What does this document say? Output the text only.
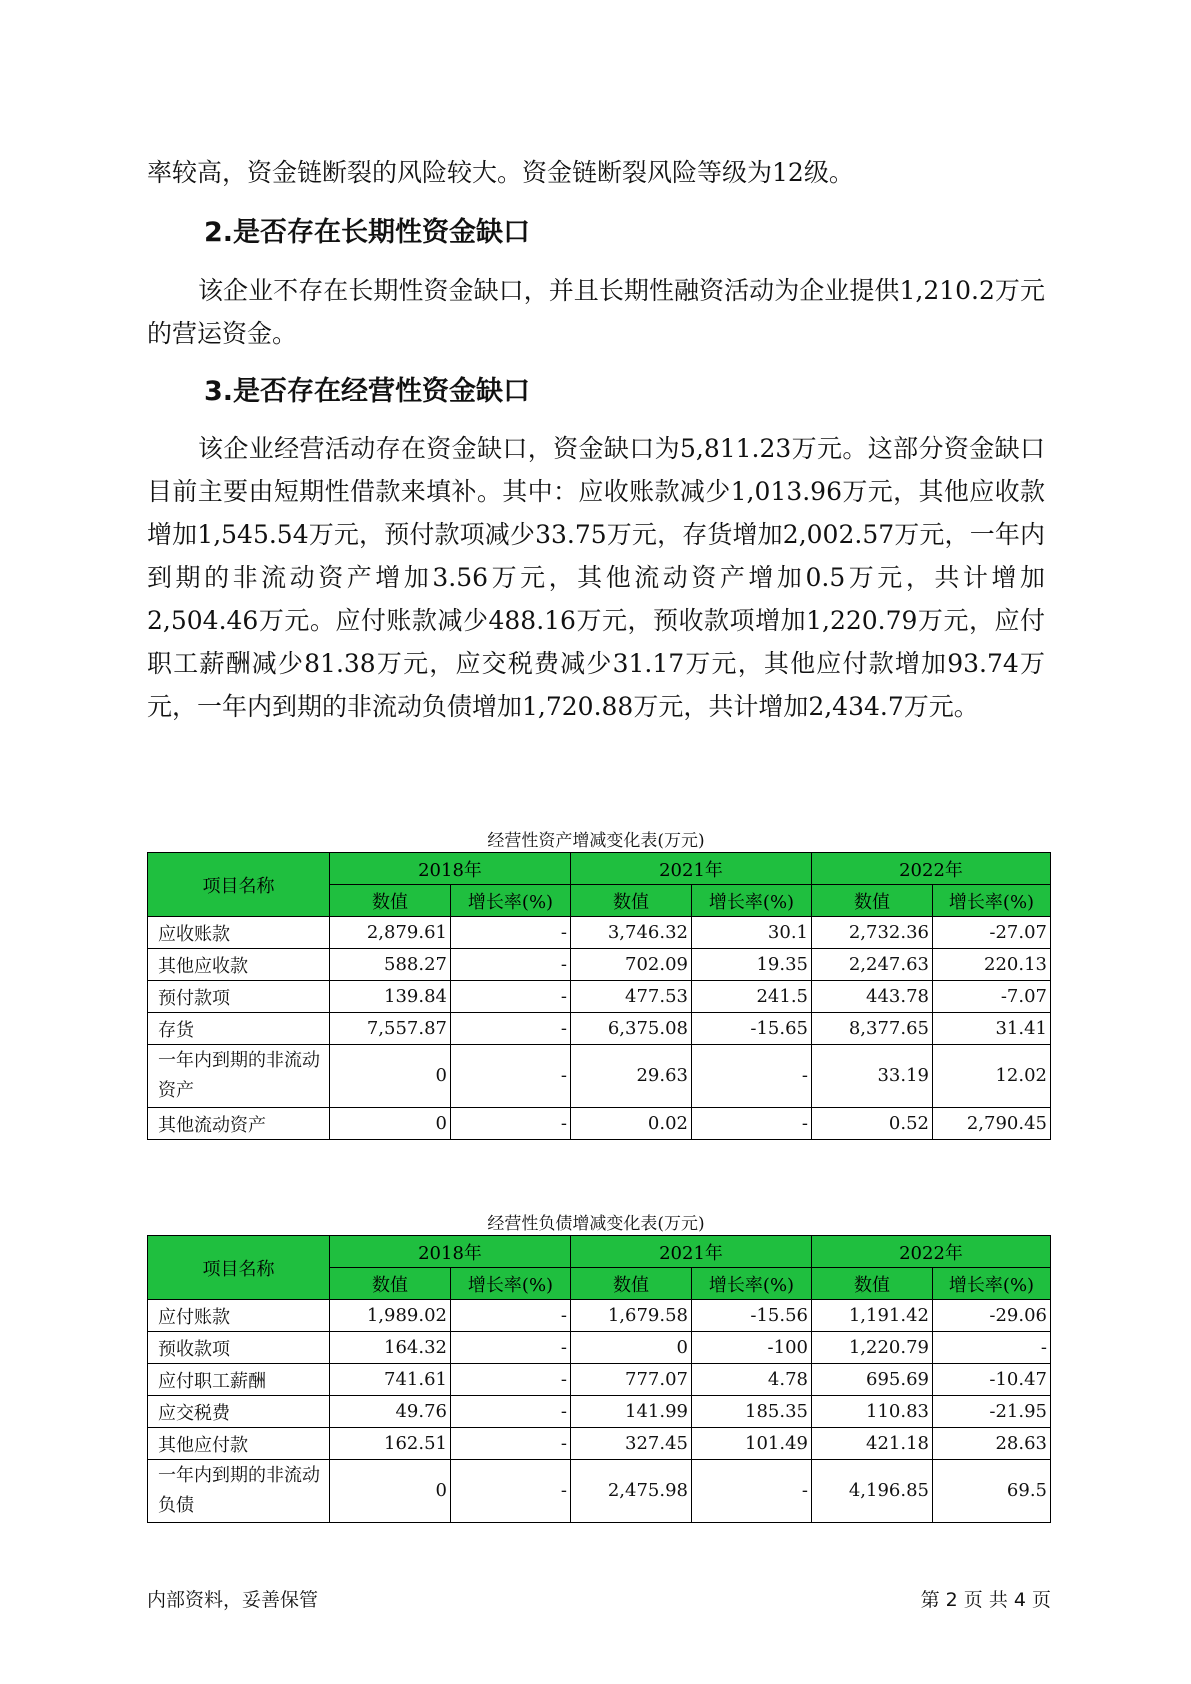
率较高，资金链断裂的风险较大。资金链断裂风险等级为12级。

2.是否存在长期性资金缺口

该企业不存在长期性资金缺口，并且长期性融资活动为企业提供1,210.2万元的营运资金。

3.是否存在经营性资金缺口

该企业经营活动存在资金缺口，资金缺口为5,811.23万元。这部分资金缺口目前主要由短期性借款来填补。其中：应收账款减少1,013.96万元，其他应收款增加1,545.54万元，预付款项减少33.75万元，存货增加2,002.57万元，一年内到期的非流动资产增加3.56万元，其他流动资产增加0.5万元，共计增加2,504.46万元。应付账款减少488.16万元，预收款项增加1,220.79万元，应付职工薪酬减少81.38万元，应交税费减少31.17万元，其他应付款增加93.74万元，一年内到期的非流动负债增加1,720.88万元，共计增加2,434.7万元。

经营性资产增减变化表(万元)
项目名称	2018年		2021年		2022年	
	数值	增长率(%)	数值	增长率(%)	数值	增长率(%)
应收账款	2,879.61	-	3,746.32	30.1	2,732.36	-27.07
其他应收款	588.27	-	702.09	19.35	2,247.63	220.13
预付款项	139.84	-	477.53	241.5	443.78	-7.07
存货	7,557.87	-	6,375.08	-15.65	8,377.65	31.41
一年内到期的非流动资产	0	-	29.63	-	33.19	12.02
其他流动资产	0	-	0.02	-	0.52	2,790.45
经营性负债增减变化表(万元)
项目名称	2018年		2021年		2022年	
	数值	增长率(%)	数值	增长率(%)	数值	增长率(%)
应付账款	1,989.02	-	1,679.58	-15.56	1,191.42	-29.06
预收款项	164.32	-	0	-100	1,220.79	-
应付职工薪酬	741.61	-	777.07	4.78	695.69	-10.47
应交税费	49.76	-	141.99	185.35	110.83	-21.95
其他应付款	162.51	-	327.45	101.49	421.18	28.63
一年内到期的非流动负债	0	-	2,475.98	-	4,196.85	69.5
内部资料，妥善保管	第 2 页 共 4 页
